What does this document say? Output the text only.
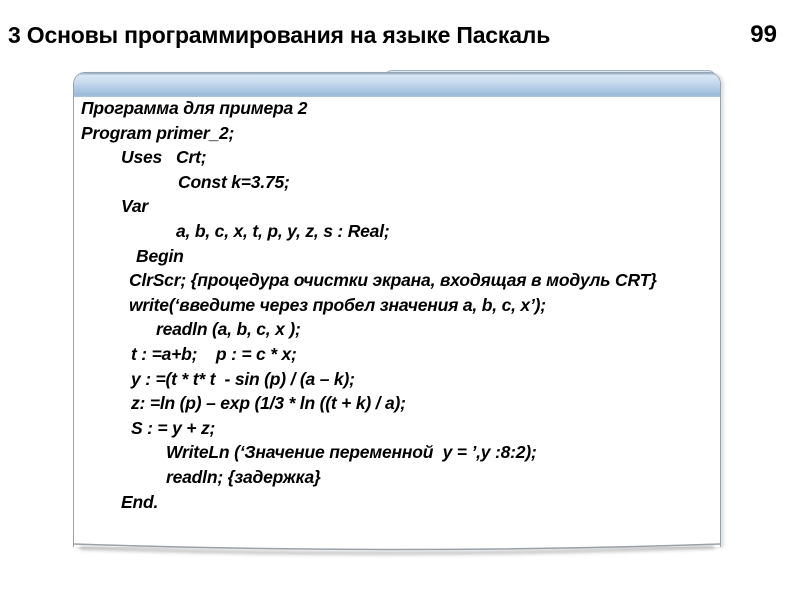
3 Основы программирования на языке Паскаль	99
Программа для примера 2
Program primer_2;
Uses   Crt;
Const k=3.75;
Var
a, b, c, x, t, p, y, z, s : Real;
Begin
ClrScr; {процедура очистки экрана, входящая в модуль CRT}
write(‘введите через пробел значения a, b, c, x’);
readln (a, b, c, x );
t : =a+b;    p : = c * x;
y : =(t * t* t  - sin (p) / (a – k);
z: =ln (p) – exp (1/3 * ln ((t + k) / a);
S : = y + z;
WriteLn (‘Значение переменной  y = ’,y :8:2);
readln; {задержка}
End.
